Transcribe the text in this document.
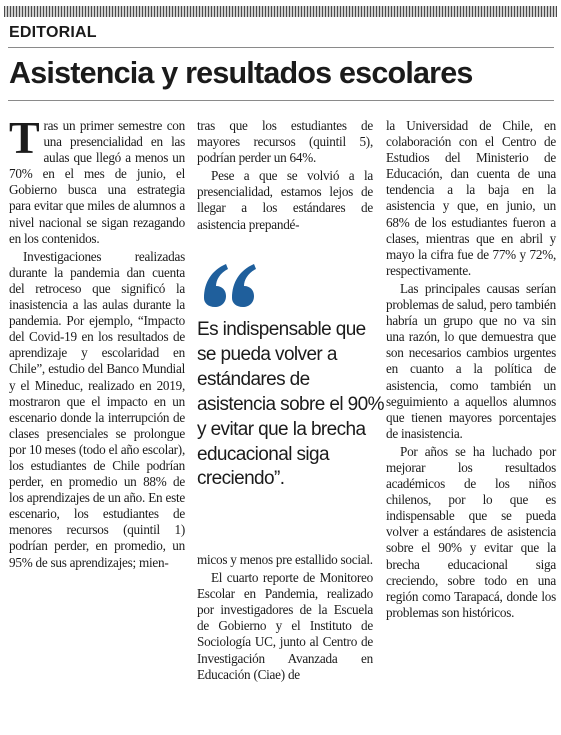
EDITORIAL
Asistencia y resultados escolares
T ras un primer semestre con una presencialidad en las aulas que llegó a menos un 70% en el mes de junio, el Gobierno busca una estrategia para evitar que miles de alumnos a nivel nacional se sigan rezagando en los contenidos.

Investigaciones realizadas durante la pandemia dan cuenta del retroceso que significó la inasistencia a las aulas durante la pandemia. Por ejemplo, “Impacto del Covid-19 en los resultados de aprendizaje y escolaridad en Chile”, estudio del Banco Mundial y el Mineduc, realizado en 2019, mostraron que el impacto en un escenario donde la interrupción de clases presenciales se prolongue por 10 meses (todo el año escolar), los estudiantes de Chile podrían perder, en promedio un 88% de los aprendizajes de un año. En este escenario, los estudiantes de menores recursos (quintil 1) podrían perder, en promedio, un 95% de sus aprendizajes; mien-

tras que los estudiantes de mayores recursos (quintil 5), podrían perder un 64%.

Pese a que se volvió a la presencialidad, estamos lejos de llegar a los estándares de asistencia prepandé-

Es indispensable que se pueda volver a estándares de asistencia sobre el 90% y evitar que la brecha educacional siga creciendo”.

micos y menos pre estallido social.

El cuarto reporte de Monitoreo Escolar en Pandemia, realizado por investigadores de la Escuela de Gobierno y el Instituto de Sociología UC, junto al Centro de Investigación Avanzada en Educación (Ciae) de

la Universidad de Chile, en colaboración con el Centro de Estudios del Ministerio de Educación, dan cuenta de una tendencia a la baja en la asistencia y que, en junio, un 68% de los estudiantes fueron a clases, mientras que en abril y mayo la cifra fue de 77% y 72%, respectivamente.

Las principales causas serían problemas de salud, pero también habría un grupo que no va sin una razón, lo que demuestra que son necesarios cambios urgentes en cuanto a la política de asistencia, como también un seguimiento a aquellos alumnos que tienen mayores porcentajes de inasistencia.

Por años se ha luchado por mejorar los resultados académicos de los niños chilenos, por lo que es indispensable que se pueda volver a estándares de asistencia sobre el 90% y evitar que la brecha educacional siga creciendo, sobre todo en una región como Tarapacá, donde los problemas son históricos.
